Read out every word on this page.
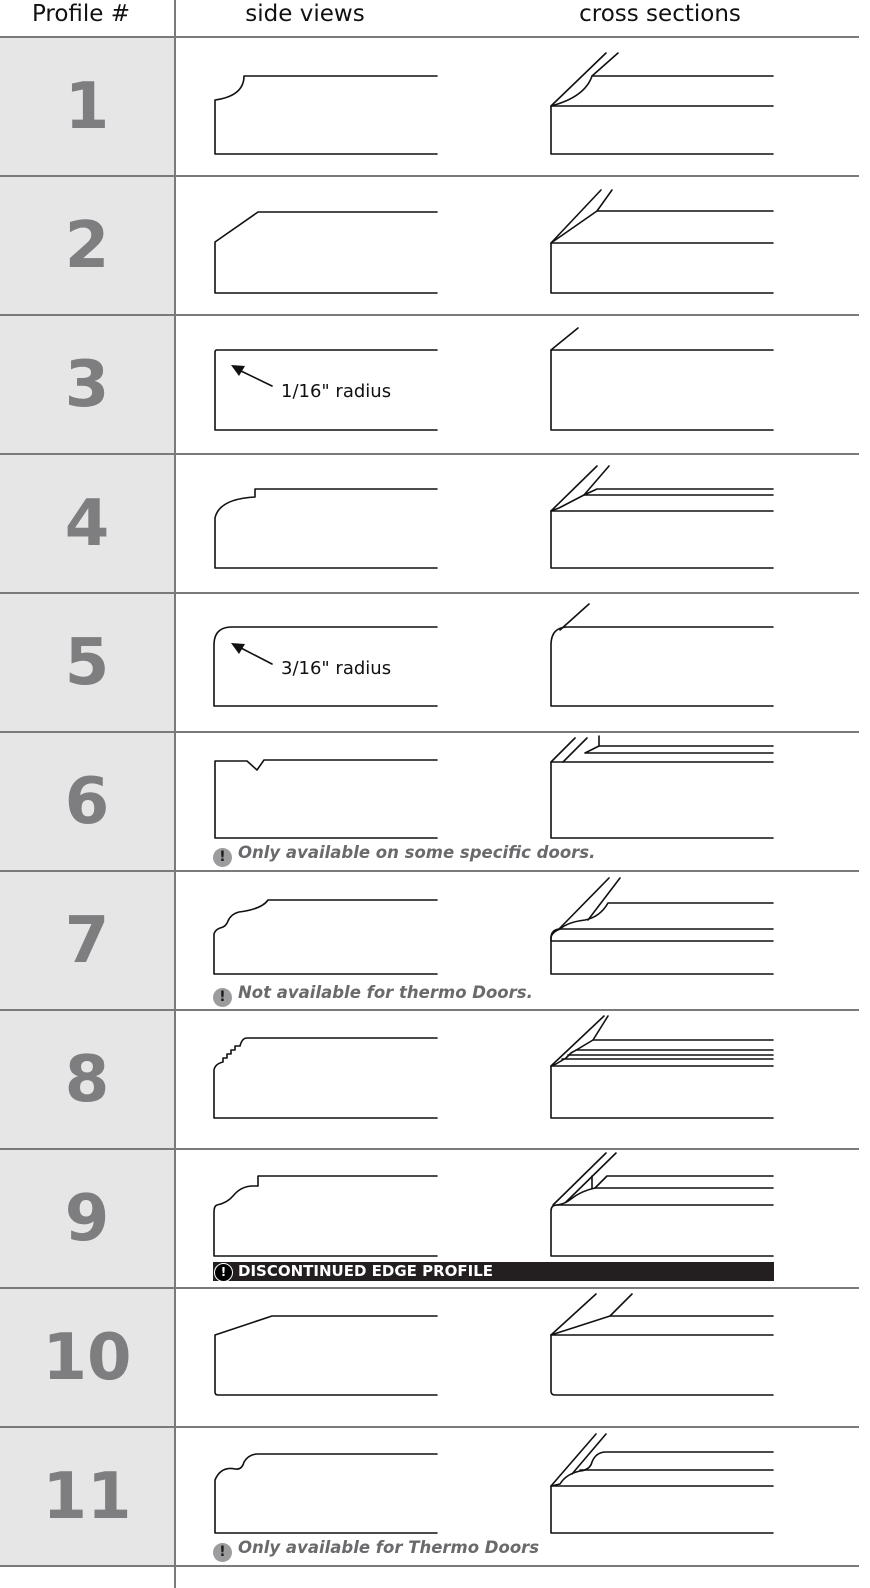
Profile #	side views	cross sections
1
2
3
4
5
6
7
8
9
10
11
1/16" radius
3/16" radius
! Only available on some specific doors.
! Not available for thermo Doors.
! Only available for Thermo Doors
! DISCONTINUED EDGE PROFILE
